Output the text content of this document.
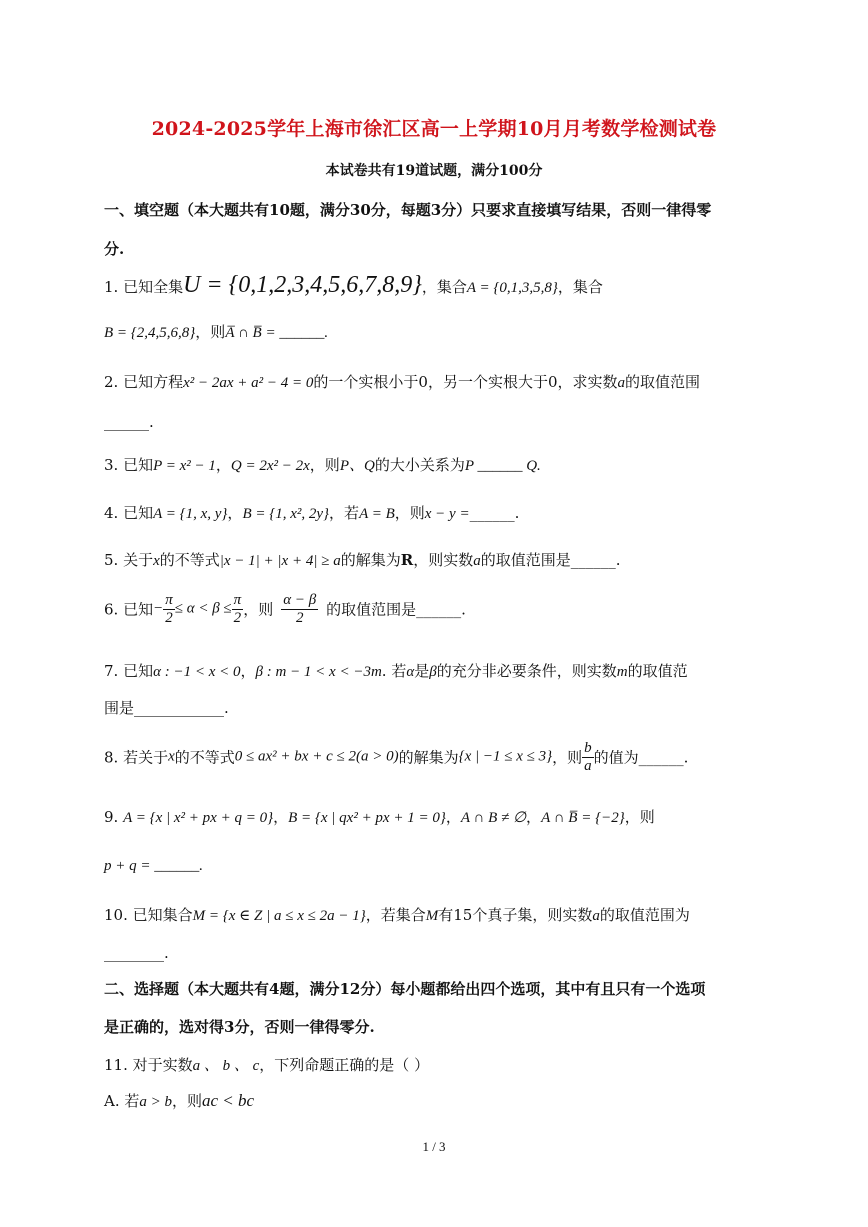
2024-2025学年上海市徐汇区高一上学期10月月考数学检测试卷
本试卷共有19道试题，满分100分
一、填空题（本大题共有10题，满分30分，每题3分）只要求直接填写结果，否则一律得零
分.
1. 已知全集U = {0,1,2,3,4,5,6,7,8,9}，集合A = {0,1,3,5,8}，集合
B = {2,4,5,6,8}，则A̅ ∩ B̅ = ______.
2. 已知方程x² − 2ax + a² − 4 = 0的一个实根小于0，另一个实根大于0，求实数a的取值范围
______.
3. 已知P = x² − 1，Q = 2x² − 2x，则P、Q的大小关系为P ______ Q.
4. 已知A = {1, x, y}，B = {1, x², 2y}，若A = B，则x − y =______.
5. 关于x的不等式|x − 1| + |x + 4| ≥ a的解集为R，则实数a的取值范围是______.
6. 已知− $\frac{\pi}{2} \le \alpha < \beta \le \frac{\pi}{2}$ ，则 $\frac{\alpha - \beta}{2}$ 的取值范围是______.
7. 已知α : −1 < x < 0，β : m − 1 < x < −3m. 若α是β的充分非必要条件，则实数m的取值范
围是____________.
8. 若关于x的不等式0 ≤ ax² + bx + c ≤ 2(a > 0)的解集为{x | −1 ≤ x ≤ 3}，则 $\frac{b}{a}$ 的值为______.
9. A = {x | x² + px + q = 0}，B = {x | qx² + px + 1 = 0}，A ∩ B ≠ ∅，A ∩ B̅ = {−2}，则
p + q = ______.
10. 已知集合M = {x ∈ Z | a ≤ x ≤ 2a − 1}，若集合M有15个真子集，则实数a的取值范围为
________.
二、选择题（本大题共有4题，满分12分）每小题都给出四个选项，其中有且只有一个选项
是正确的，选对得3分，否则一律得零分.
11. 对于实数a 、 b 、 c，下列命题正确的是（ ）
A. 若a > b，则ac < bc
1 / 3
